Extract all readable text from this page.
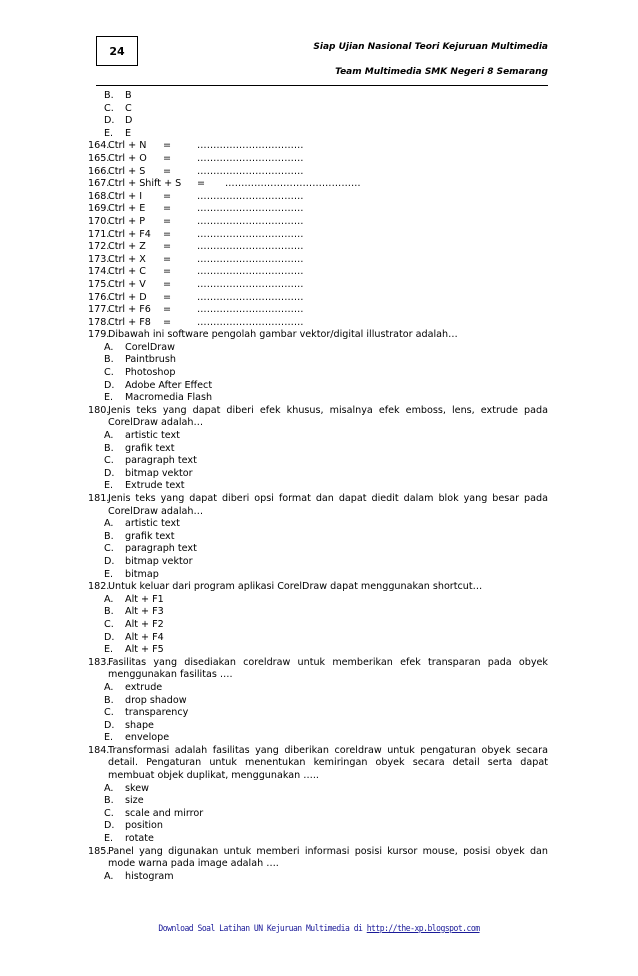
24	Siap Ujian Nasional Teori Kejuruan Multimedia
Team Multimedia SMK Negeri 8 Semarang
B. B
C. C
D. D
E. E
164.Ctrl + N =	……………………………
165.Ctrl + O =	……………………………
166.Ctrl + S =	……………………………
167.Ctrl + Shift + S = ……………………………………
168.Ctrl + I =	……………………………
169.Ctrl + E =	……………………………
170.Ctrl + P =	……………………………
171.Ctrl + F4 =	……………………………
172.Ctrl + Z =	……………………………
173.Ctrl + X =	……………………………
174.Ctrl + C =	……………………………
175.Ctrl + V =	……………………………
176.Ctrl + D =	……………………………
177.Ctrl + F6 =	……………………………
178.Ctrl + F8 =	……………………………
179.Dibawah ini software pengolah gambar vektor/digital illustrator adalah…
A. CorelDraw
B. Paintbrush
C. Photoshop
D. Adobe After Effect
E. Macromedia Flash
180.Jenis teks yang dapat diberi efek khusus, misalnya efek emboss, lens, extrude pada CorelDraw adalah…
A. artistic text
B. grafik text
C. paragraph text
D. bitmap vektor
E. Extrude text
181.Jenis teks yang dapat diberi opsi format dan dapat diedit dalam blok yang besar pada CorelDraw adalah…
A. artistic text
B. grafik text
C. paragraph text
D. bitmap vektor
E. bitmap
182.Untuk keluar dari program aplikasi CorelDraw dapat menggunakan shortcut…
A. Alt + F1
B. Alt + F3
C. Alt + F2
D. Alt + F4
E. Alt + F5
183.Fasilitas yang disediakan coreldraw untuk memberikan efek transparan pada obyek menggunakan fasilitas ….
A. extrude
B. drop shadow
C. transparency
D. shape
E. envelope
184.Transformasi adalah fasilitas yang diberikan coreldraw untuk pengaturan obyek secara detail. Pengaturan untuk menentukan kemiringan obyek secara detail serta dapat membuat objek duplikat, menggunakan …..
A. skew
B. size
C. scale and mirror
D. position
E. rotate
185.Panel yang digunakan untuk memberi informasi posisi kursor mouse, posisi obyek dan mode warna pada image adalah ….
A. histogram
Download Soal Latihan UN Kejuruan Multimedia di http://the-xp.blogspot.com
